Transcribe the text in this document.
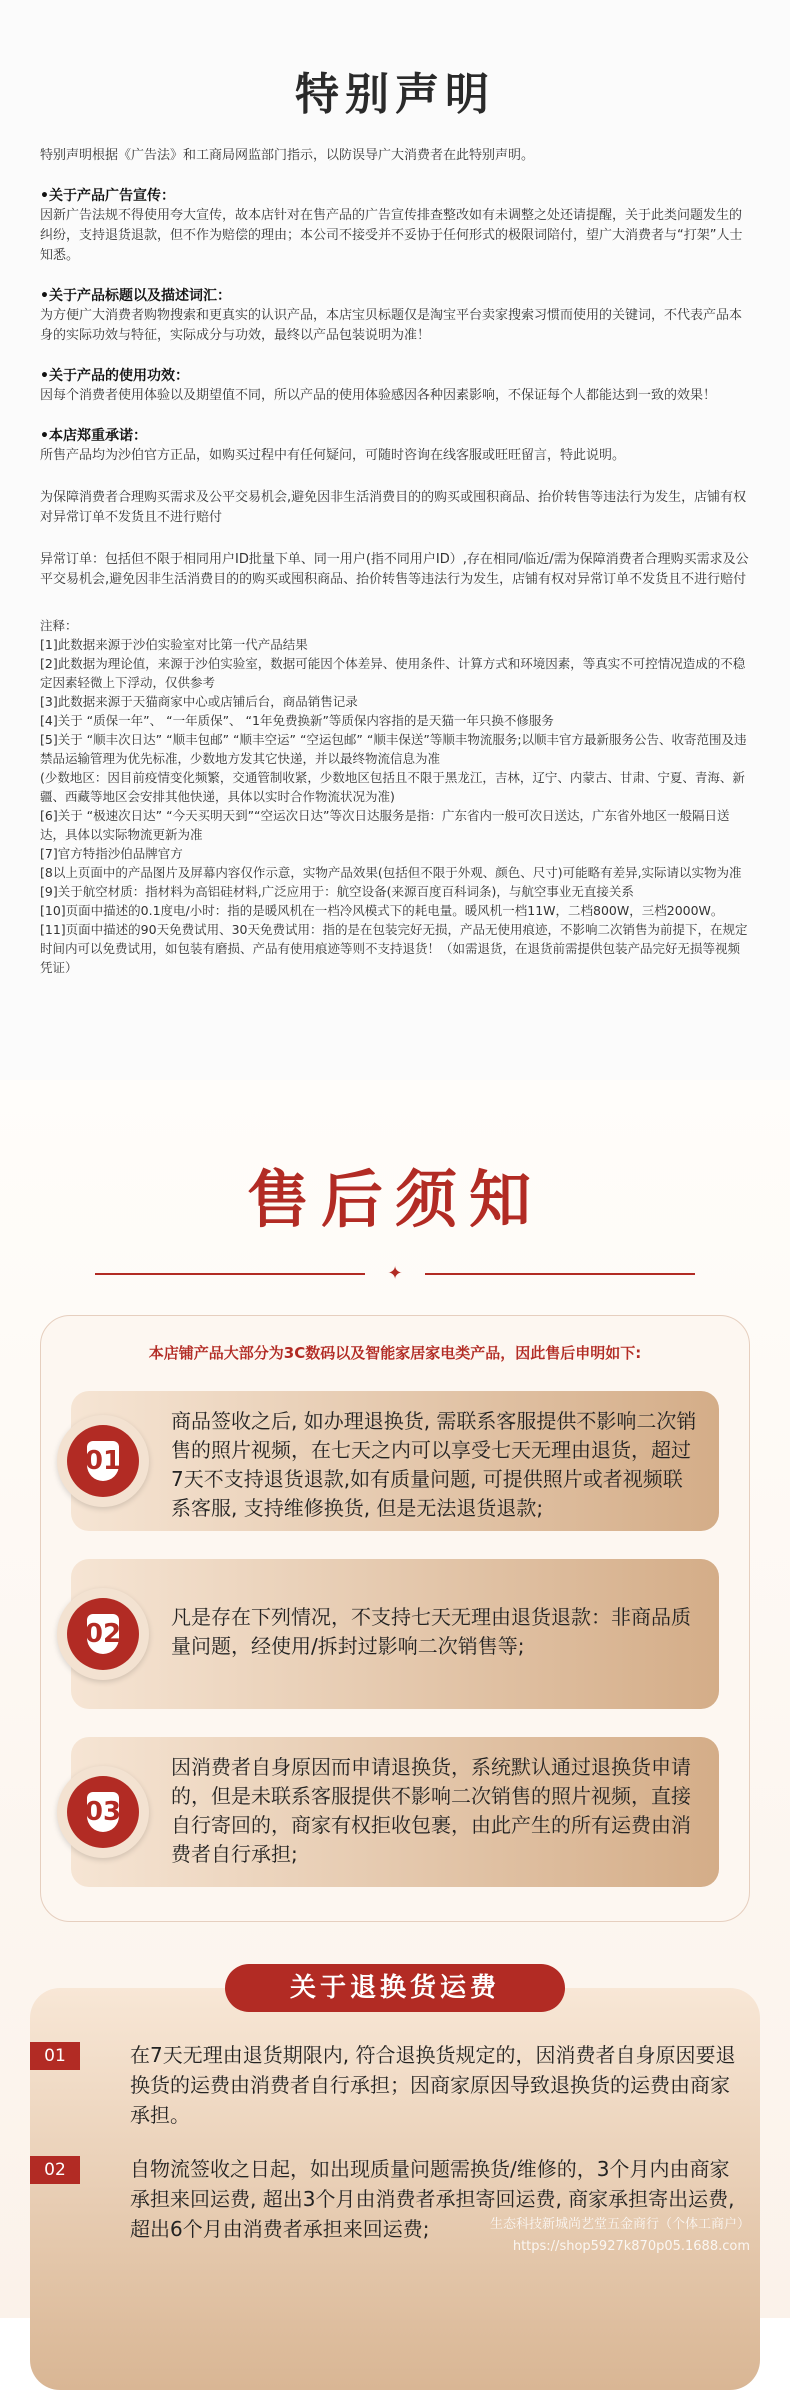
特别声明
特别声明根据《广告法》和工商局网监部门指示，以防误导广大消费者在此特别声明。
•关于产品广告宣传：
因新广告法规不得使用夸大宣传，故本店针对在售产品的广告宣传排查整改如有未调整之处还请提醒，关于此类问题发生的纠纷，支持退货退款，但不作为赔偿的理由；本公司不接受并不妥协于任何形式的极限词陪付，望广大消费者与“打架”人士知悉。
•关于产品标题以及描述词汇：
为方便广大消费者购物搜索和更真实的认识产品，本店宝贝标题仅是淘宝平台卖家搜索习惯而使用的关键词，不代表产品本身的实际功效与特征，实际成分与功效，最终以产品包装说明为准！
•关于产品的使用功效：
因每个消费者使用体验以及期望值不同，所以产品的使用体验感因各种因素影响，不保证每个人都能达到一致的效果！
•本店郑重承诺：
所售产品均为沙伯官方正品，如购买过程中有任何疑问，可随时咨询在线客服或旺旺留言，特此说明。
为保障消费者合理购买需求及公平交易机会,避免因非生活消费目的的购买或囤积商品、抬价转售等违法行为发生，店铺有权对异常订单不发货且不进行赔付
异常订单：包括但不限于相同用户ID批量下单、同一用户(指不同用户ID）,存在相同/临近/需为保障消费者合理购买需求及公平交易机会,避免因非生活消费目的的购买或囤积商品、抬价转售等违法行为发生，店铺有权对异常订单不发货且不进行赔付
注释：
[1]此数据来源于沙伯实验室对比第一代产品结果
[2]此数据为理论值，来源于沙伯实验室，数据可能因个体差异、使用条件、计算方式和环境因素，等真实不可控情况造成的不稳定因素轻微上下浮动，仅供参考
[3]此数据来源于天猫商家中心或店铺后台，商品销售记录
[4]关于 “质保一年”、 “一年质保”、 “1年免费换新”等质保内容指的是天猫一年只换不修服务
[5]关于 “顺丰次日达” “顺丰包邮” “顺丰空运” “空运包邮” “顺丰保送”等顺丰物流服务;以顺丰官方最新服务公告、收寄范围及违禁品运输管理为优先标准，少数地方发其它快递，并以最终物流信息为准
(少数地区：因目前疫情变化频繁，交通管制收紧，少数地区包括且不限于黑龙江，吉林，辽宁、内蒙古、甘肃、宁夏、青海、新疆、西藏等地区会安排其他快递，具体以实时合作物流状况为准)
[6]关于 “极速次日达” “今天买明天到”“空运次日达”等次日达服务是指：广东省内一般可次日送达，广东省外地区一般隔日送达，具体以实际物流更新为准
[7]官方特指沙伯品牌官方
[8以上页面中的产品图片及屏幕内容仅作示意，实物产品效果(包括但不限于外观、颜色、尺寸)可能略有差异,实际请以实物为准
[9]关于航空材质：指材料为高铝硅材料,广泛应用于：航空设备(来源百度百科词条)，与航空事业无直接关系
[10]页面中描述的0.1度电/小时：指的是暖风机在一档冷风模式下的耗电量。暖风机一档11W，二档800W，三档2000W。
[11]页面中描述的90天免费试用、30天免费试用：指的是在包装完好无损，产品无使用痕迹，不影响二次销售为前提下，在规定时间内可以免费试用，如包装有磨损、产品有使用痕迹等则不支持退货！（如需退货，在退货前需提供包装产品完好无损等视频凭证）
售后须知
✦
本店铺产品大部分为3C数码以及智能家居家电类产品，因此售后申明如下:
01
商品签收之后, 如办理退换货, 需联系客服提供不影响二次销售的照片视频，在七天之内可以享受七天无理由退货，超过7天不支持退货退款,如有质量问题, 可提供照片或者视频联系客服, 支持维修换货, 但是无法退货退款;
02
凡是存在下列情况，不支持七天无理由退货退款：非商品质量问题，经使用/拆封过影响二次销售等;
03
因消费者自身原因而申请退换货，系统默认通过退换货申请的，但是未联系客服提供不影响二次销售的照片视频，直接自行寄回的，商家有权拒收包裹，由此产生的所有运费由消费者自行承担;
关于退换货运费
01	在7天无理由退货期限内, 符合退换货规定的，因消费者自身原因要退换货的运费由消费者自行承担；因商家原因导致退换货的运费由商家承担。
02	自物流签收之日起，如出现质量问题需换货/维修的，3个月内由商家承担来回运费, 超出3个月由消费者承担寄回运费, 商家承担寄出运费, 超出6个月由消费者承担来回运费;	生态科技新城尚艺堂五金商行（个体工商户）
https://shop5927k870p05.1688.com
